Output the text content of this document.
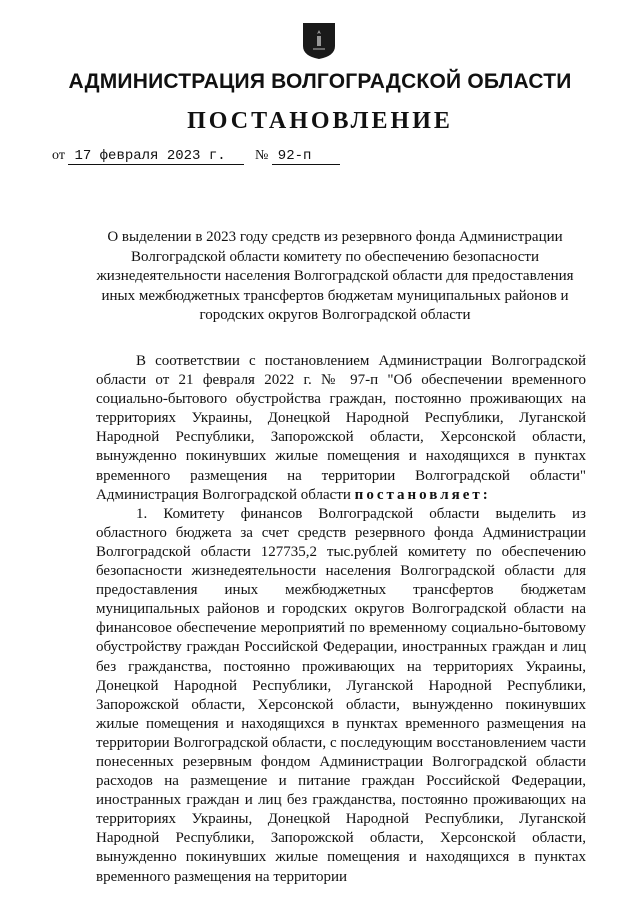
АДМИНИСТРАЦИЯ ВОЛГОГРАДСКОЙ ОБЛАСТИ
ПОСТАНОВЛЕНИЕ
от 17 февраля 2023 г. № 92-п
О выделении в 2023 году средств из резервного фонда Администрации Волгоградской области комитету по обеспечению безопасности жизнедеятельности населения Волгоградской области для предоставления иных межбюджетных трансфертов бюджетам муниципальных районов и городских округов Волгоградской области

В соответствии с постановлением Администрации Волгоградской области от 21 февраля 2022 г. № 97-п "Об обеспечении временного социально-бытового обустройства граждан, постоянно проживающих на территориях Украины, Донецкой Народной Республики, Луганской Народной Республики, Запорожской области, Херсонской области, вынужденно покинувших жилые помещения и находящихся в пунктах временного размещения на территории Волгоградской области" Администрация Волгоградской области постановляет:

1. Комитету финансов Волгоградской области выделить из областного бюджета за счет средств резервного фонда Администрации Волгоградской области 127735,2 тыс.рублей комитету по обеспечению безопасности жизнедеятельности населения Волгоградской области для предоставления иных межбюджетных трансфертов бюджетам муниципальных районов и городских округов Волгоградской области на финансовое обеспечение мероприятий по временному социально-бытовому обустройству граждан Российской Федерации, иностранных граждан и лиц без гражданства, постоянно проживающих на территориях Украины, Донецкой Народной Республики, Луганской Народной Республики, Запорожской области, Херсонской области, вынужденно покинувших жилые помещения и находящихся в пунктах временного размещения на территории Волгоградской области, с последующим восстановлением части понесенных резервным фондом Администрации Волгоградской области расходов на размещение и питание граждан Российской Федерации, иностранных граждан и лиц без гражданства, постоянно проживающих на территориях Украины, Донецкой Народной Республики, Луганской Народной Республики, Запорожской области, Херсонской области, вынужденно покинувших жилые помещения и находящихся в пунктах временного размещения на территории
